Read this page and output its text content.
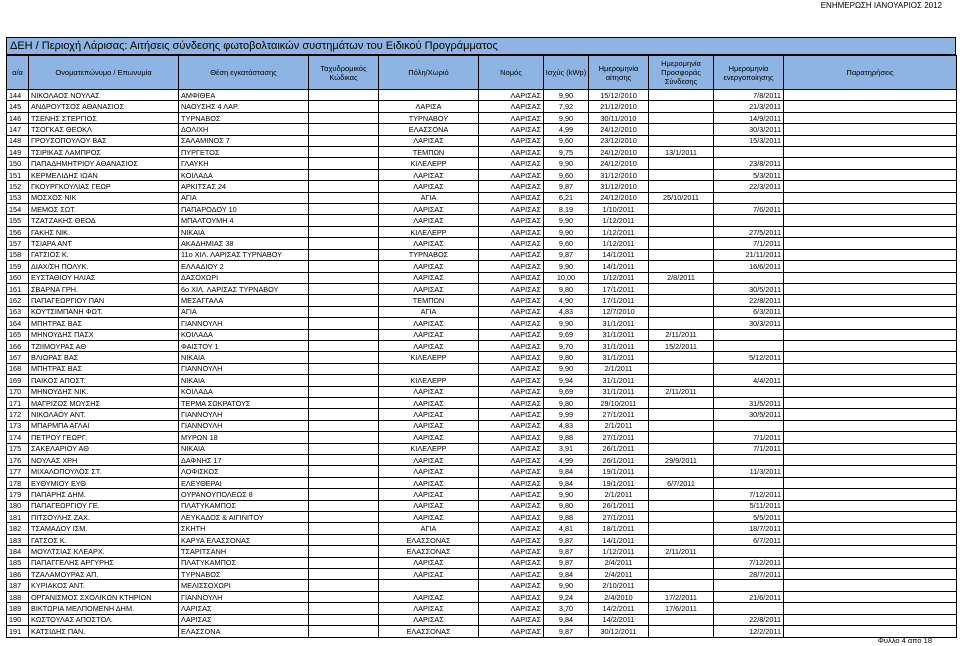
ΕΝΗΜΕΡΩΣΗ ΙΑΝΟΥΑΡΙΟΣ 2012
ΔΕΗ / Περιοχή Λάρισας: Αιτήσεις σύνδεσης φωτοβολταικών συστημάτων του Ειδικού Προγράμματος
α/α	Ονοματεπώνυμο / Επωνυμία	Θέση εγκατάστασης	Ταχυδρομικός Κώδικας	Πόλη/Χωριό	Νομός	Ισχύς (kWp)	Ημερομηνία αίτησης	Ημερομηνία Προσφοράς Σύνδεσης	Ημερομηνία ενεργοποίησης	Παρατηρήσεις
144	ΝΙΚΟΛΑΟΣ ΝΟΥΛΑΣ	ΑΜΦΙΘΕΑ			ΛΑΡΙΣΑΣ	9,90	15/12/2010		7/8/2011	
145	ΑΝΔΡΟΥΤΣΟΣ ΑΘΑΝΑΣΙΟΣ	ΝΑΟΥΣΗΣ 4 ΛΑΡ.		ΛΑΡΙΣΑ	ΛΑΡΙΣΑΣ	7,92	21/12/2010		21/3/2011	
146	ΤΣΕΝΗΣ ΣΤΕΡΓΙΟΣ	ΤΥΡΝΑΒΟΣ		ΤΥΡΝΑΒΟΥ	ΛΑΡΙΣΑΣ	9,90	30/11/2010		14/9/2011	
147	ΤΣΟΓΚΑΣ ΘΕΟΚΛ	ΔΟΛΙΧΗ		ΕΛΑΣΣΟΝΑ	ΛΑΡΙΣΑΣ	4,99	24/12/2010		30/3/2011	
148	ΓΡΟΥΣΟΠΟΥΛΟΥ ΒΑΣ	ΣΑΛΑΜΙΝΟΣ 7		ΛΑΡΙΣΑΣ	ΛΑΡΙΣΑΣ	9,60	23/12/2010		15/3/2011	
149	ΤΣΙΡΙΚΑΣ ΛΑΜΠΡΟΣ	ΠΥΡΓΕΤΟΣ		ΤΕΜΠΩΝ	ΛΑΡΙΣΑΣ	9,75	24/12/2010	13/1/2011		
150	ΠΑΠΑΔΗΜΗΤΡΙΟΥ ΑΘΑΝΑΣΙΟΣ	ΓΛΑΥΚΗ		ΚΙΛΕΛΕΡΡ	ΛΑΡΙΣΑΣ	9,90	24/12/2010		23/8/2011	
151	ΚΕΡΜΕΛΙΔΗΣ ΙΩΑΝ	ΚΟΙΛΑΔΑ		ΛΑΡΙΣΑΣ	ΛΑΡΙΣΑΣ	9,60	31/12/2010		5/3/2011	
152	ΓΚΟΥΡΓΚΟΥΛΙΑΣ ΓΕΩΡ	ΑΡΚΙΤΣΑΣ 24		ΛΑΡΙΣΑΣ	ΛΑΡΙΣΑΣ	9,87	31/12/2010		22/3/2011	
153	ΜΟΣΧΟΣ ΝΙΚ	ΑΓΙΑ		ΑΓΙΑ	ΛΑΡΙΣΑΣ	6,21	24/12/2010	25/10/2011		
154	ΜΕΜΟΣ ΣΩΤ.	ΠΑΠΑΡΟΔΟΥ 10		ΛΑΡΙΣΑΣ	ΛΑΡΙΣΑΣ	8,19	1/10/2011		7/6/2011	
155	ΤΖΑΤΖΑΚΗΣ ΘΕΟΔ	ΜΠΑΛΤΟΥΜΗ 4		ΛΑΡΙΣΑΣ	ΛΑΡΙΣΑΣ	9,90	1/12/2011			
156	ΓΑΚΗΣ ΝΙΚ.	ΝΙΚΑΙΑ		ΚΙΛΕΛΕΡΡ	ΛΑΡΙΣΑΣ	9,90	1/12/2011		27/5/2011	
157	ΤΣΙΑΡΑ ΑΝΤ	ΑΚΑΔΗΜΙΑΣ 38		ΛΑΡΙΣΑΣ	ΛΑΡΙΣΑΣ	9,60	1/12/2011		7/1/2011	
158	ΓΑΤΣΙΟΣ Κ.	11ο ΧΙΛ. ΛΑΡΙΣΑΣ ΤΥΡΝΑΒΟΥ		ΤΥΡΝΑΒΟΣ	ΛΑΡΙΣΑΣ	9,87	14/1/2011		21/11/2011	
159	ΔΙΑΧ/ΣΗ ΠΟΛΥΚ.	ΕΛΛΑΔΙΟΥ 2		ΛΑΡΙΣΑΣ	ΛΑΡΙΣΑΣ	9,90	14/1/2011		16/6/2011	
160	ΕΥΣΤΑΘΙΟΥ ΗΛΙΑΣ	ΔΑΣΟΧΩΡΙ		ΛΑΡΙΣΑΣ	ΛΑΡΙΣΑΣ	10,00	1/12/2011	2/8/2011		
161	ΣΒΑΡΝΑ ΓΡΗ.	6ο ΧΙΛ. ΛΑΡΙΣΑΣ ΤΥΡΝΑΒΟΥ		ΛΑΡΙΣΑΣ	ΛΑΡΙΣΑΣ	9,80	17/1/2011		30/5/2011	
162	ΠΑΠΑΓΕΩΡΓΙΟΥ ΠΑΝ	ΜΕΣΑΓΓΑΛΑ		ΤΕΜΠΩΝ	ΛΑΡΙΣΑΣ	4,90	17/1/2011		22/8/2011	
163	ΚΟΥΤΣΙΜΠΑΝΗ ΦΩΤ.	ΑΓΙΑ		ΑΓΙΑ	ΛΑΡΙΣΑΣ	4,83	12/7/2010		6/3/2011	
164	ΜΠΗΤΡΑΣ ΒΑΣ	ΓΙΑΝΝΟΥΛΗ		ΛΑΡΙΣΑΣ	ΛΑΡΙΣΑΣ	9,90	31/1/2011		30/3/2011	
165	ΜΗΝΟΥΔΗΣ ΠΑΣΧ	ΚΟΙΛΑΔΑ		ΛΑΡΙΣΑΣ	ΛΑΡΙΣΑΣ	9,69	31/1/2011	2/11/2011		
166	ΤΖΙΙΜΟΥΡΑΣ ΑΘ	ΦΑΙΣΤΟΥ 1		ΛΑΡΙΣΑΣ	ΛΑΡΙΣΑΣ	9,70	31/1/2011	15/2/2011		
167	ΒΛΙΩΡΑΣ ΒΑΣ	ΝΙΚΑΙΑ		ΚΙΛΕΛΕΡΡ	ΛΑΡΙΣΑΣ	9,80	31/1/2011		5/12/2011	
168	ΜΠΗΤΡΑΣ ΒΑΣ	ΓΙΑΝΝΟΥΛΗ			ΛΑΡΙΣΑΣ	9,90	2/1/2011			
169	ΠΑΙΚΟΣ ΑΠΟΣΤ.	ΝΙΚΑΙΑ		ΚΙΛΕΛΕΡΡ	ΛΑΡΙΣΑΣ	9,94	31/1/2011		4/4/2011	
170	ΜΗΝΟΥΔΗΣ ΝΙΚ.	ΚΟΙΛΑΔΑ		ΛΑΡΙΣΑΣ	ΛΑΡΙΣΑΣ	9,69	31/1/2011	2/11/2011		
171	ΜΑΓΡΙΖΟΣ ΜΩΥΣΗΣ	ΤΕΡΜΑ ΣΩΚΡΑΤΟΥΣ		ΛΑΡΙΣΑΣ	ΛΑΡΙΣΑΣ	9,80	29/10/2011		31/5/2011	
172	ΝΙΚΟΛΑΟΥ ΑΝΤ.	ΓΙΑΝΝΟΥΛΗ		ΛΑΡΙΣΑΣ	ΛΑΡΙΣΑΣ	9,99	27/1/2011		30/5/2011	
173	ΜΠΑΡΜΠΑ ΑΓΛΑΙ	ΓΙΑΝΝΟΥΛΗ		ΛΑΡΙΣΑΣ	ΛΑΡΙΣΑΣ	4,83	2/1/2011			
174	ΠΕΤΡΟΥ ΓΕΩΡΓ.	ΜΥΡΩΝ 18		ΛΑΡΙΣΑΣ	ΛΑΡΙΣΑΣ	9,88	27/1/2011		7/1/2011	
175	ΣΑΚΕΛΑΡΙΟΥ ΑΘ	ΝΙΚΑΙΑ		ΚΙΛΕΛΕΡΡ	ΛΑΡΙΣΑΣ	3,91	26/1/2011		7/1/2011	
176	ΝΟΥΛΑΣ ΧΡΗ	ΔΑΦΝΗΣ 17		ΛΑΡΙΣΑΣ	ΛΑΡΙΣΑΣ	4,99	26/1/2011	29/9/2011		
177	ΜΙΧΑΛΟΠΟΥΛΟΣ ΣΤ.	ΛΟΦΙΣΚΟΣ		ΛΑΡΙΣΑΣ	ΛΑΡΙΣΑΣ	9,84	19/1/2011		11/3/2011	
178	ΕΥΘΥΜΙΟΥ ΕΥΘ	ΕΛΕΥΘΕΡΑΙ		ΛΑΡΙΣΑΣ	ΛΑΡΙΣΑΣ	9,84	19/1/2011	6/7/2011		
179	ΠΑΠΑΡΗΣ ΔΗΜ.	ΟΥΡΑΝΟΥΠΟΛΕΩΣ 8		ΛΑΡΙΣΑΣ	ΛΑΡΙΣΑΣ	9,90	2/1/2011		7/12/2011	
180	ΠΑΠΑΓΕΩΡΓΙΟΥ ΓΕ.	ΠΛΑΤΥΚΑΜΠΟΣ		ΛΑΡΙΣΑΣ	ΛΑΡΙΣΑΣ	9,80	26/1/2011		5/11/2011	
181	ΠΙΤΣΟΥΛΗΣ ΖΑΧ.	ΛΕΥΚΑΔΟΣ & ΑΙΓΙΝΙΤΟΥ		ΛΑΡΙΣΑΣ	ΛΑΡΙΣΑΣ	9,88	27/1/2011		5/5/2011	
182	ΤΣΑΜΑΔΟΥ ΙΣΜ.	ΣΚΗΤΗ		ΑΓΙΑ	ΛΑΡΙΣΑΣ	4,81	18/1/2011		18/7/2011	
183	ΓΑΤΣΟΣ Κ.	ΚΑΡΥΑ ΕΛΑΣΣΟΝΑΣ		ΕΛΑΣΣΟΝΑΣ	ΛΑΡΙΣΑΣ	9,87	14/1/2011		6/7/2011	
184	ΜΟΥΛΤΣΙΑΣ ΚΛΕΑΡΧ.	ΤΣΑΡΙΤΣΑΝΗ		ΕΛΑΣΣΟΝΑΣ	ΛΑΡΙΣΑΣ	9,87	1/12/2011	2/11/2011		
185	ΠΑΠΑΓΓΕΛΗΣ ΑΡΓΥΡΗΣ	ΠΛΑΤΥΚΑΜΠΟΣ		ΛΑΡΙΣΑΣ	ΛΑΡΙΣΑΣ	9,87	2/4/2011		7/12/2011	
186	ΤΖΑΛΑΜΟΥΡΑΣ ΑΠ.	ΤΥΡΝΑΒΟΣ		ΛΑΡΙΣΑΣ	ΛΑΡΙΣΑΣ	9,84	2/4/2011		28/7/2011	
187	ΚΥΡΙΑΚΟΣ ΑΝΤ.	ΜΕΛΙΣΣΟΧΩΡΙ			ΛΑΡΙΣΑΣ	9,90	2/10/2011			
188	ΟΡΓΑΝΙΣΜΟΣ ΣΧΟΛΙΚΩΝ ΚΤΗΡΙΩΝ	ΓΙΑΝΝΟΥΛΗ		ΛΑΡΙΣΑΣ	ΛΑΡΙΣΑΣ	9,24	2/4/2010	17/2/2011	21/6/2011	
189	ΒΙΚΤΩΡΙΑ ΜΕΛΠΟΜΕΝΗ ΔΗΜ.	ΛΑΡΙΣΑΣ		ΛΑΡΙΣΑΣ	ΛΑΡΙΣΑΣ	3,70	14/2/2011	17/6/2011		
190	ΚΩΣΤΟΥΛΑΣ ΑΠΟΣΤΟΛ.	ΛΑΡΙΣΑΣ		ΛΑΡΙΣΑΣ	ΛΑΡΙΣΑΣ	9,84	14/2/2011		22/8/2011	
191	ΚΑΤΣΙΔΗΣ ΠΑΝ.	ΕΛΑΣΣΟΝΑ		ΕΛΑΣΣΟΝΑΣ	ΛΑΡΙΣΑΣ	9,87	30/12/2011		12/2/2011	
Φύλλο 4 από 18
